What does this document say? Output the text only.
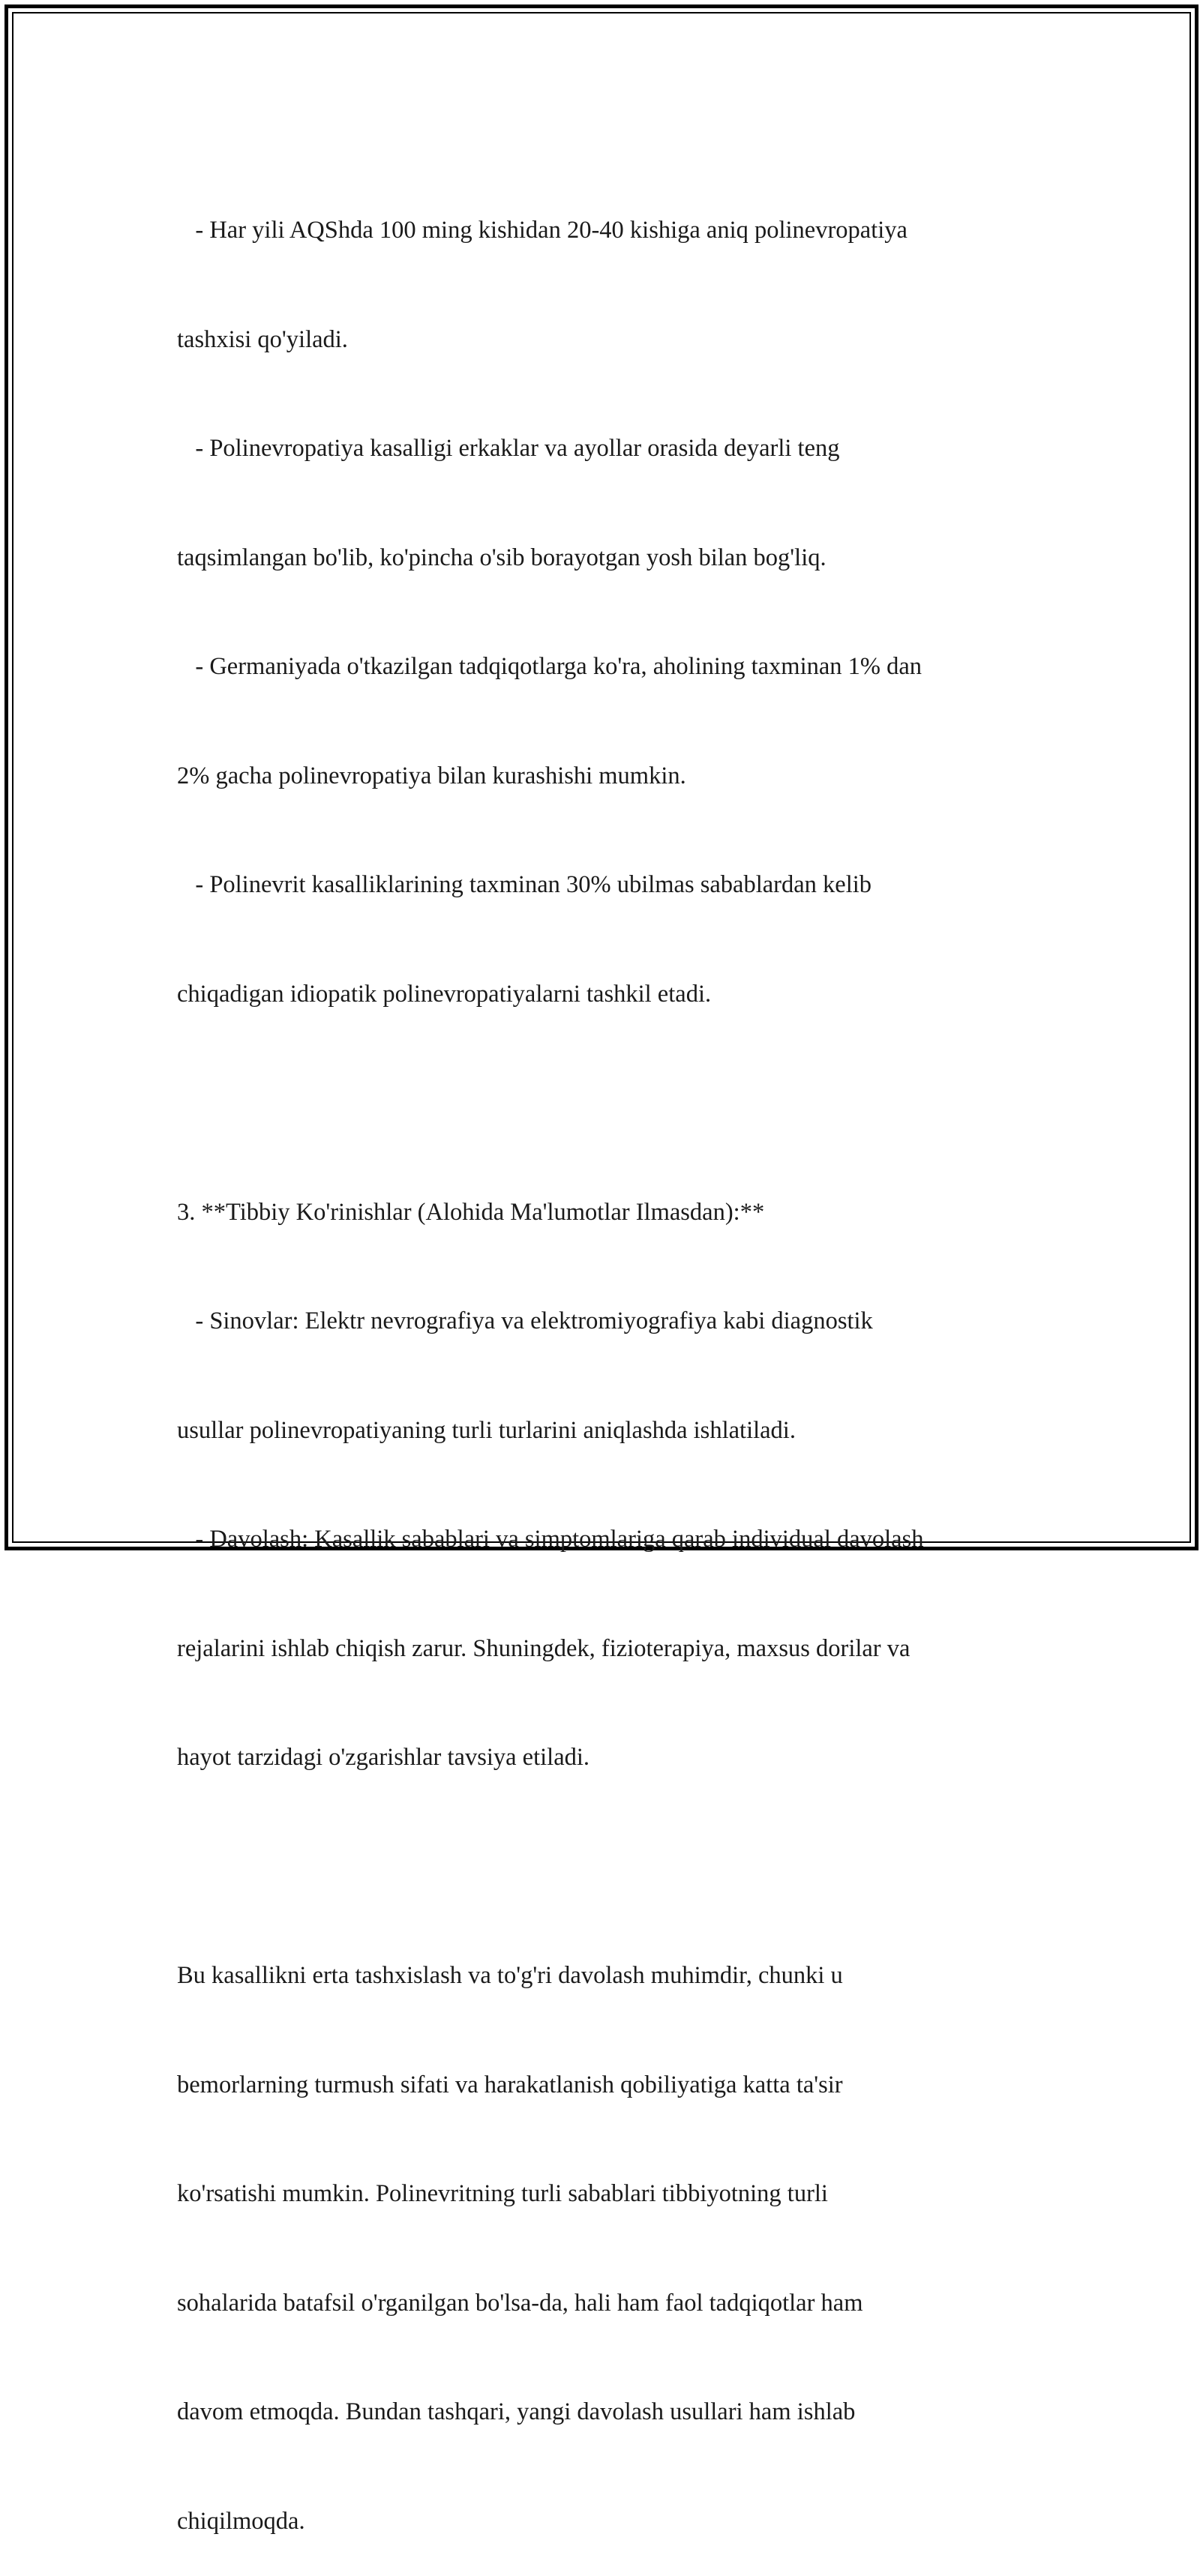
- Har yili AQShda 100 ming kishidan 20-40 kishiga aniq polinevropatiya

tashxisi qo'yiladi.

- Polinevropatiya kasalligi erkaklar va ayollar orasida deyarli teng

taqsimlangan bo'lib, ko'pincha o'sib borayotgan yosh bilan bog'liq.

- Germaniyada o'tkazilgan tadqiqotlarga ko'ra, aholining taxminan 1% dan

2% gacha polinevropatiya bilan kurashishi mumkin.

- Polinevrit kasalliklarining taxminan 30% ubilmas sabablardan kelib

chiqadigan idiopatik polinevropatiyalarni tashkil etadi.

3. **Tibbiy Ko'rinishlar (Alohida Ma'lumotlar Ilmasdan):**

- Sinovlar: Elektr nevrografiya va elektromiyografiya kabi diagnostik

usullar polinevropatiyaning turli turlarini aniqlashda ishlatiladi.

- Davolash: Kasallik sabablari va simptomlariga qarab individual davolash

rejalarini ishlab chiqish zarur. Shuningdek, fizioterapiya, maxsus dorilar va

hayot tarzidagi o'zgarishlar tavsiya etiladi.

Bu kasallikni erta tashxislash va to'g'ri davolash muhimdir, chunki u

bemorlarning turmush sifati va harakatlanish qobiliyatiga katta ta'sir

ko'rsatishi mumkin. Polinevritning turli sabablari tibbiyotning turli

sohalarida batafsil o'rganilgan bo'lsa-da, hali ham faol tadqiqotlar ham

davom etmoqda. Bundan tashqari, yangi davolash usullari ham ishlab

chiqilmoqda.
